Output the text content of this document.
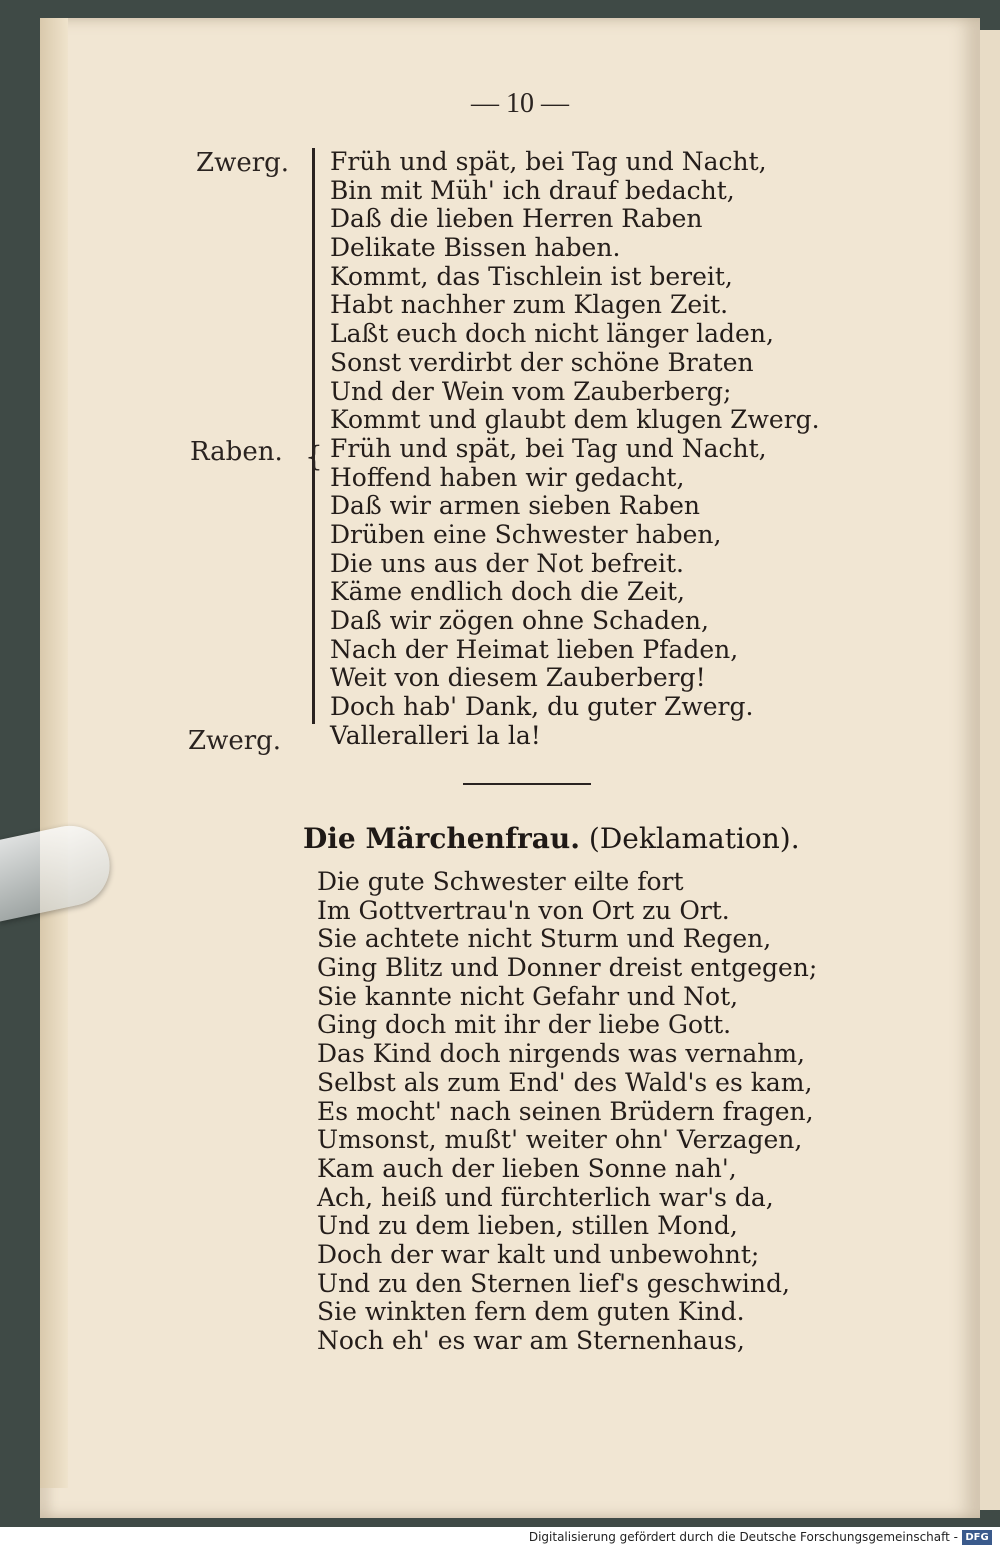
— 10 —
Zwerg.
Raben.
Zwerg.
{
Früh und spät, bei Tag und Nacht,
Bin mit Müh' ich drauf bedacht,
Daß die lieben Herren Raben
Delikate Bissen haben.
Kommt, das Tischlein ist bereit,
Habt nachher zum Klagen Zeit.
Laßt euch doch nicht länger laden,
Sonst verdirbt der schöne Braten
Und der Wein vom Zauberberg;
Kommt und glaubt dem klugen Zwerg.
Früh und spät, bei Tag und Nacht,
Hoffend haben wir gedacht,
Daß wir armen sieben Raben
Drüben eine Schwester haben,
Die uns aus der Not befreit.
Käme endlich doch die Zeit,
Daß wir zögen ohne Schaden,
Nach der Heimat lieben Pfaden,
Weit von diesem Zauberberg!
Doch hab' Dank, du guter Zwerg.
Valleralleri la la!
Die Märchenfrau. (Deklamation).
Die gute Schwester eilte fort
Im Gottvertrau'n von Ort zu Ort.
Sie achtete nicht Sturm und Regen,
Ging Blitz und Donner dreist entgegen;
Sie kannte nicht Gefahr und Not,
Ging doch mit ihr der liebe Gott.
Das Kind doch nirgends was vernahm,
Selbst als zum End' des Wald's es kam,
Es mocht' nach seinen Brüdern fragen,
Umsonst, mußt' weiter ohn' Verzagen,
Kam auch der lieben Sonne nah',
Ach, heiß und fürchterlich war's da,
Und zu dem lieben, stillen Mond,
Doch der war kalt und unbewohnt;
Und zu den Sternen lief's geschwind,
Sie winkten fern dem guten Kind.
Noch eh' es war am Sternenhaus,
Digitalisierung gefördert durch die Deutsche Forschungsgemeinschaft - DFG
